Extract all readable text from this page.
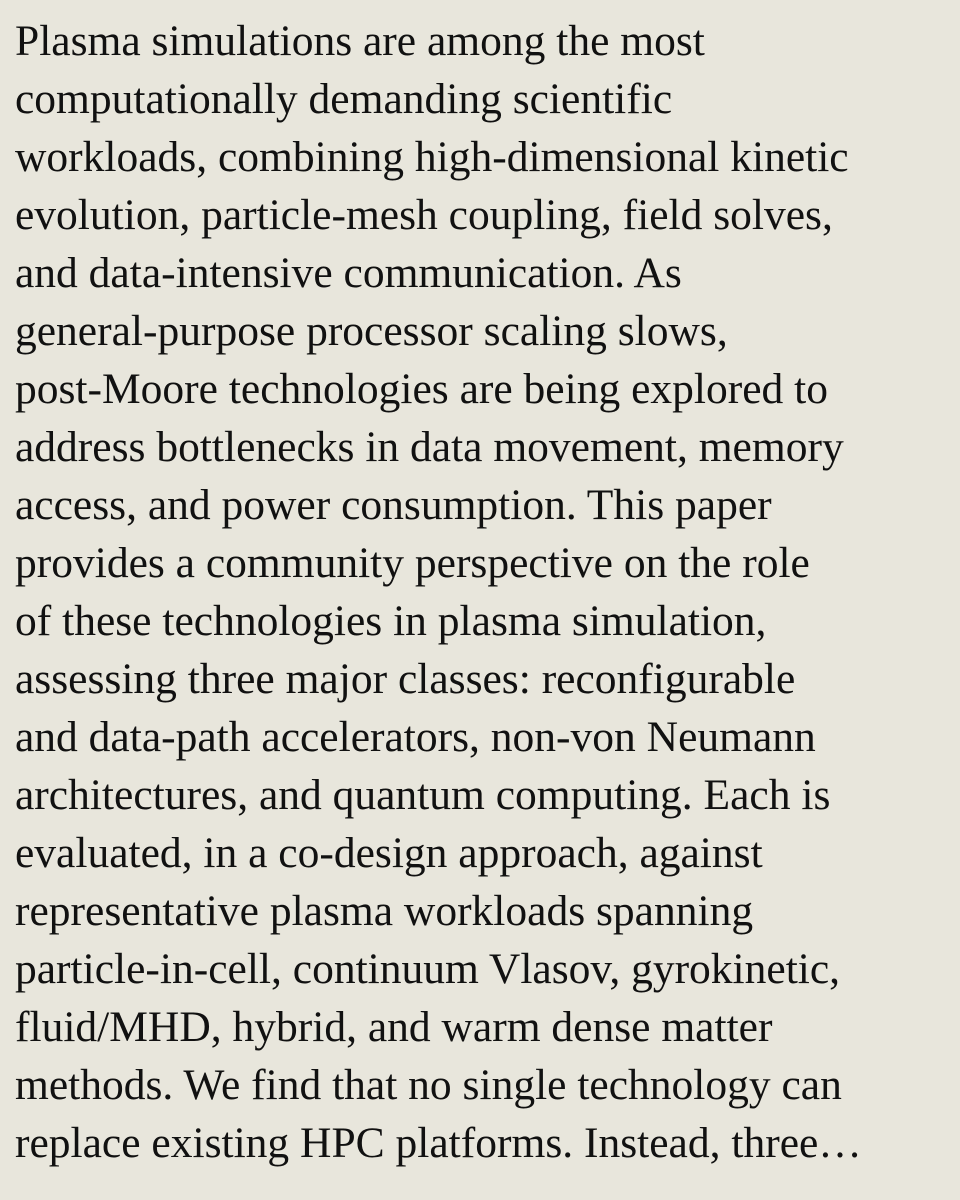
Plasma simulations are among the most
computationally demanding scientific
workloads, combining high-dimensional kinetic
evolution, particle-mesh coupling, field solves,
and data-intensive communication. As
general-purpose processor scaling slows,
post-Moore technologies are being explored to
address bottlenecks in data movement, memory
access, and power consumption. This paper
provides a community perspective on the role
of these technologies in plasma simulation,
assessing three major classes: reconfigurable
and data-path accelerators, non-von Neumann
architectures, and quantum computing. Each is
evaluated, in a co-design approach, against
representative plasma workloads spanning
particle-in-cell, continuum Vlasov, gyrokinetic,
fluid/MHD, hybrid, and warm dense matter
methods. We find that no single technology can
replace existing HPC platforms. Instead, three…
